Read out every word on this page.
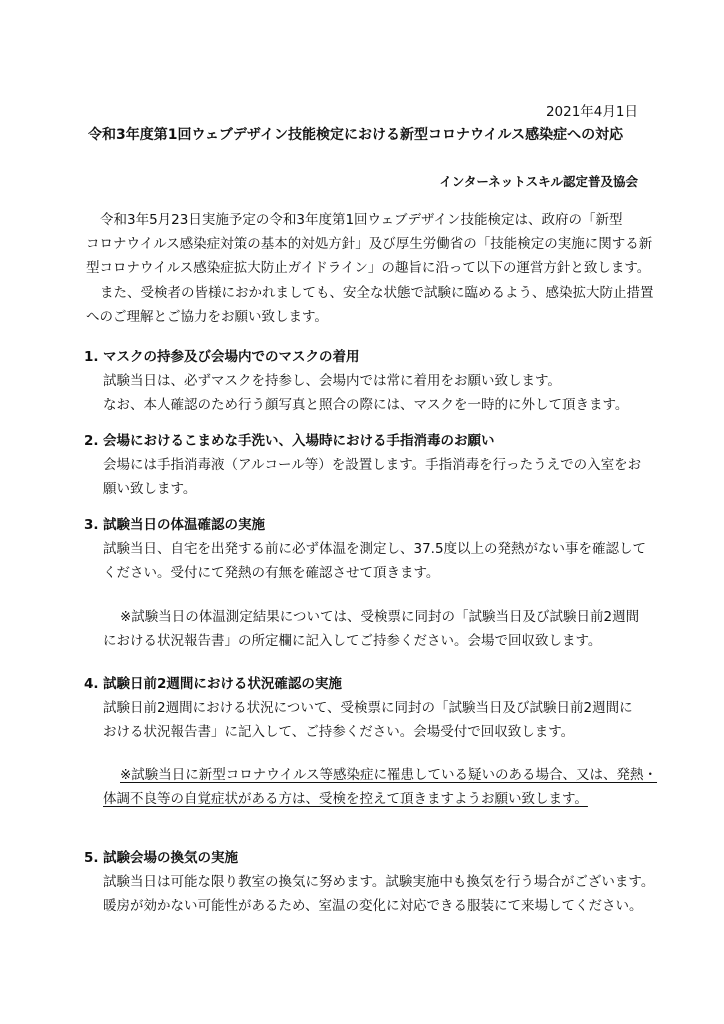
2021年4月1日
令和3年度第1回ウェブデザイン技能検定における新型コロナウイルス感染症への対応
インターネットスキル認定普及協会
令和3年5月23日実施予定の令和3年度第1回ウェブデザイン技能検定は、政府の「新型
コロナウイルス感染症対策の基本的対処方針」及び厚生労働省の「技能検定の実施に関する新
型コロナウイルス感染症拡大防止ガイドライン」の趣旨に沿って以下の運営方針と致します。
また、受検者の皆様におかれましても、安全な状態で試験に臨めるよう、感染拡大防止措置
へのご理解とご協力をお願い致します。
1. マスクの持参及び会場内でのマスクの着用
試験当日は、必ずマスクを持参し、会場内では常に着用をお願い致します。
なお、本人確認のため行う顔写真と照合の際には、マスクを一時的に外して頂きます。
2. 会場におけるこまめな手洗い、入場時における手指消毒のお願い
会場には手指消毒液（アルコール等）を設置します。手指消毒を行ったうえでの入室をお
願い致します。
3. 試験当日の体温確認の実施
試験当日、自宅を出発する前に必ず体温を測定し、37.5度以上の発熱がない事を確認して
ください。受付にて発熱の有無を確認させて頂きます。
※試験当日の体温測定結果については、受検票に同封の「試験当日及び試験日前2週間
における状況報告書」の所定欄に記入してご持参ください。会場で回収致します。
4. 試験日前2週間における状況確認の実施
試験日前2週間における状況について、受検票に同封の「試験当日及び試験日前2週間に
おける状況報告書」に記入して、ご持参ください。会場受付で回収致します。
※試験当日に新型コロナウイルス等感染症に罹患している疑いのある場合、又は、発熱・
体調不良等の自覚症状がある方は、受検を控えて頂きますようお願い致します。
5. 試験会場の換気の実施
試験当日は可能な限り教室の換気に努めます。試験実施中も換気を行う場合がございます。
暖房が効かない可能性があるため、室温の変化に対応できる服装にて来場してください。
